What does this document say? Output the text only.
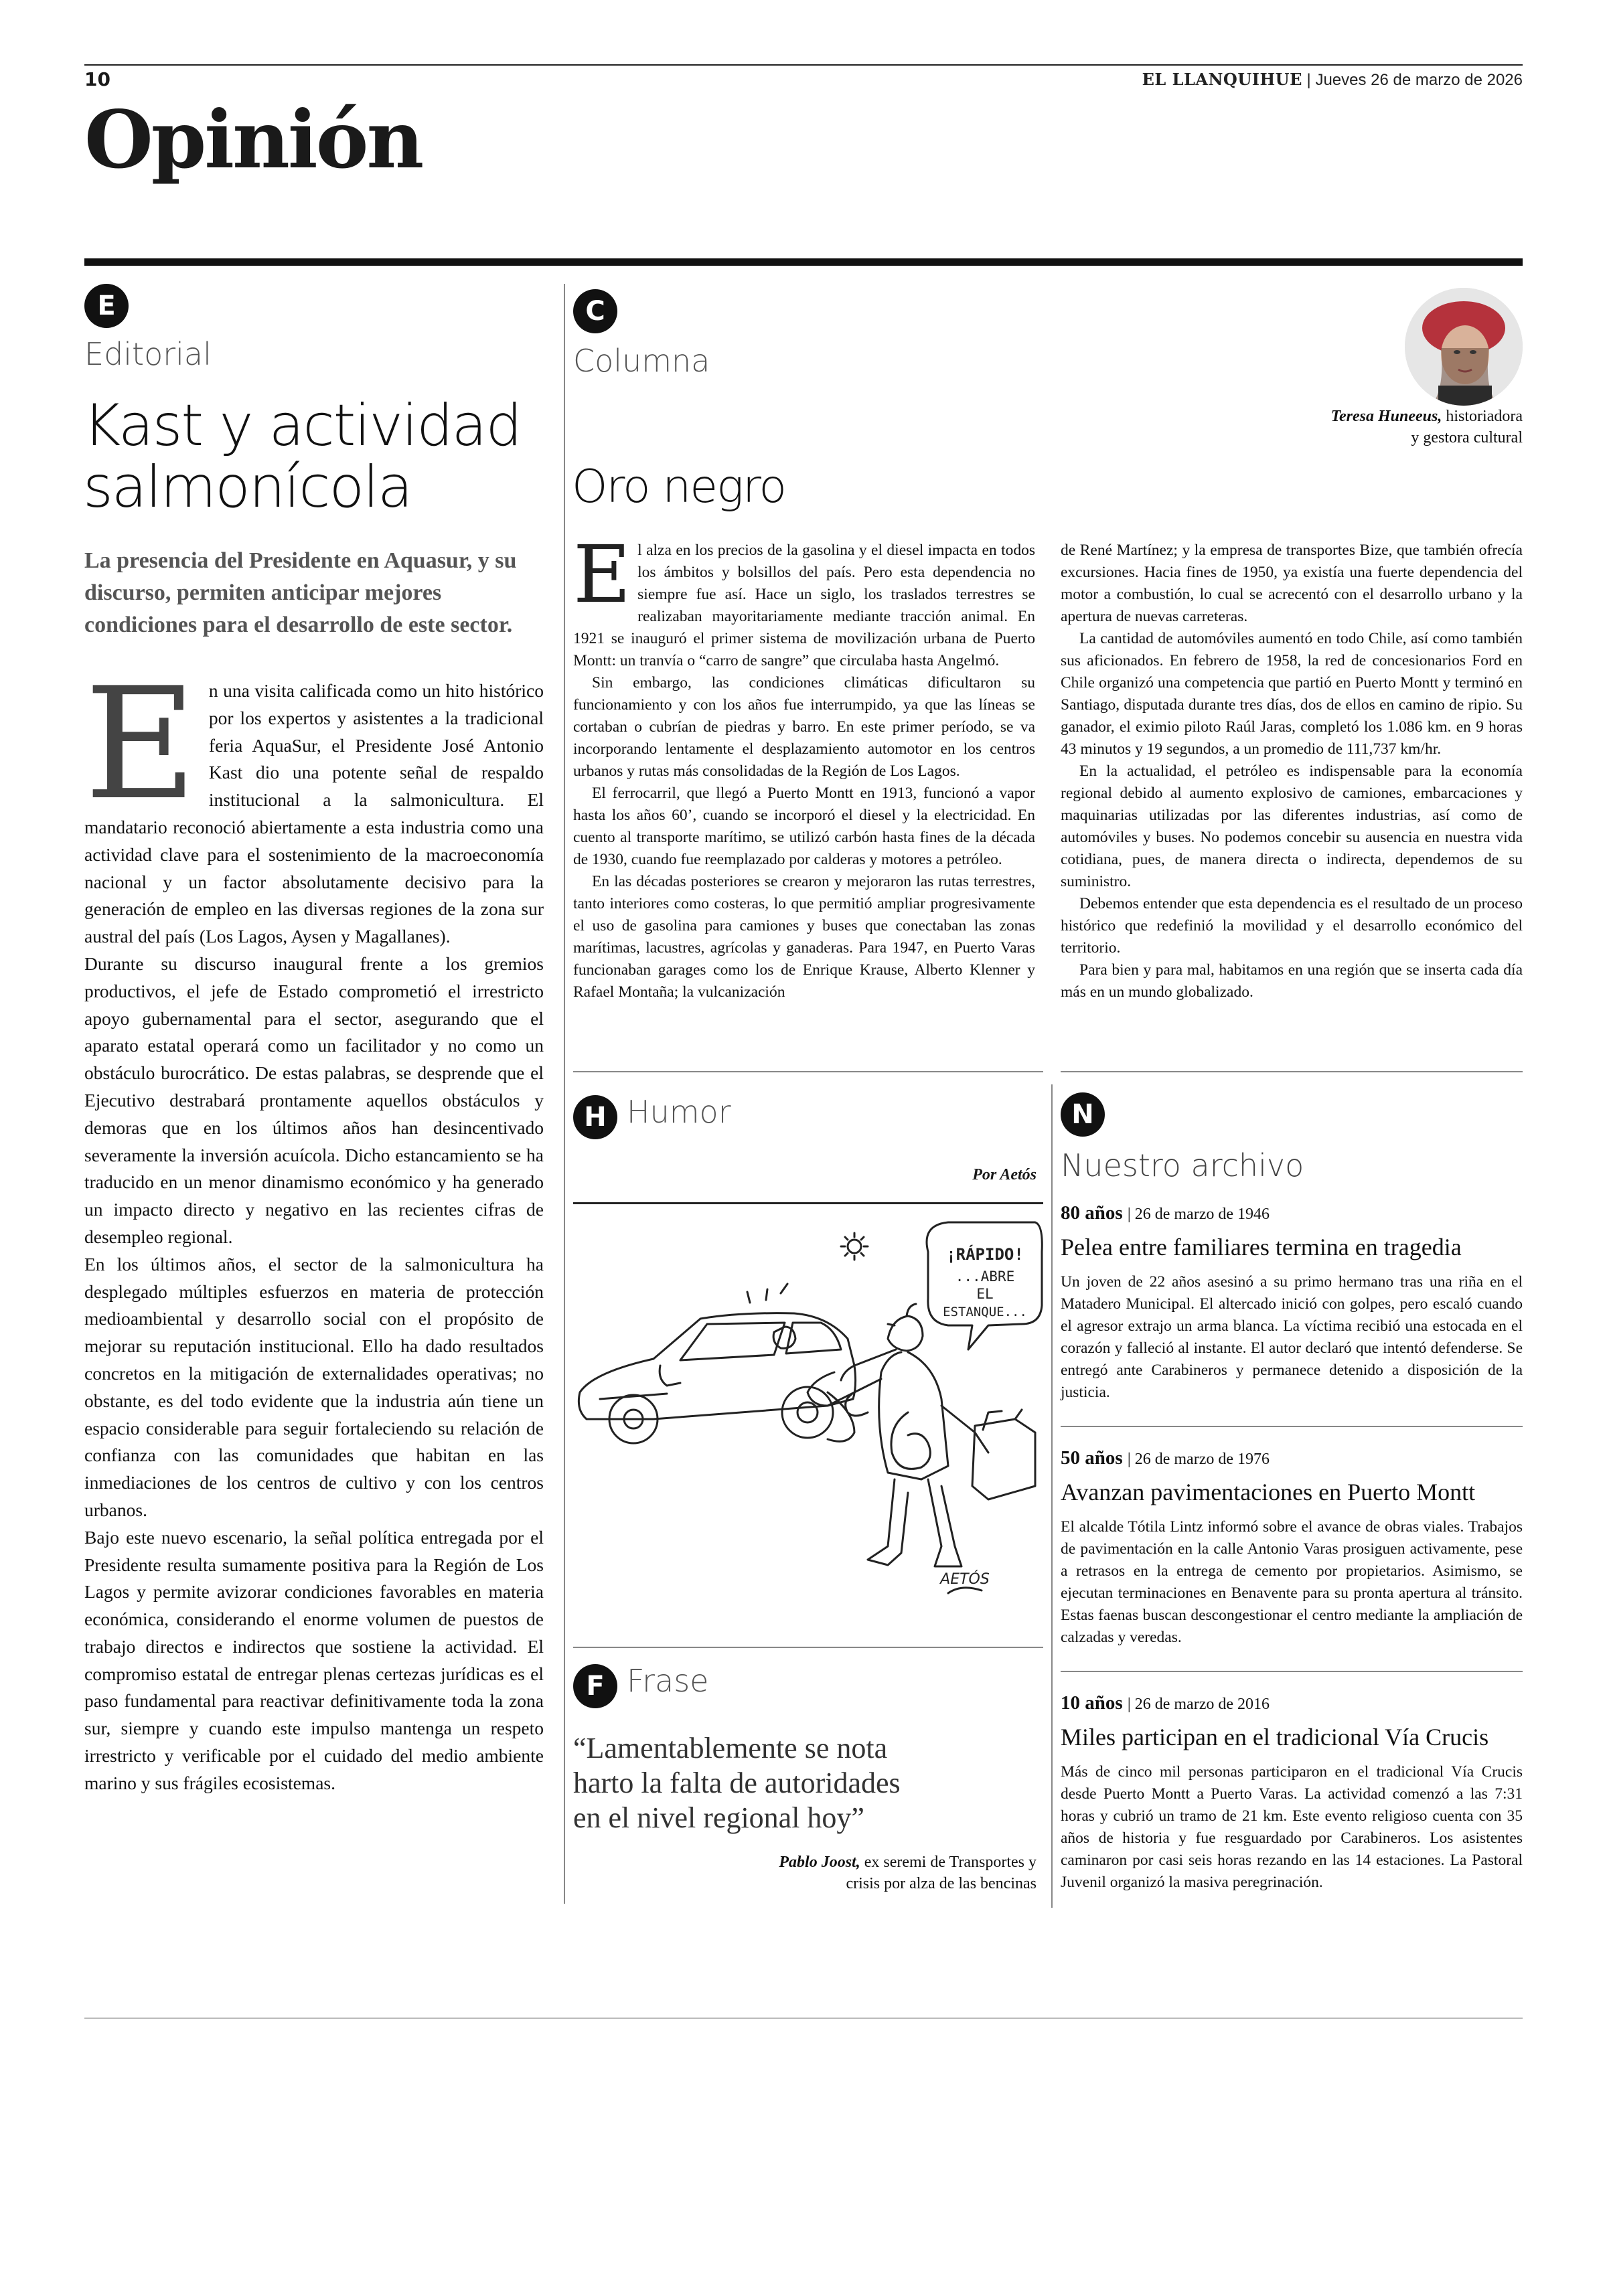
10	EL LLANQUIHUE | Jueves 26 de marzo de 2026
Opinión
E
Editorial
Kast y actividad
salmonícola
La presencia del Presidente en Aquasur, y su discurso, permiten anticipar mejores condiciones para el desarrollo de este sector.

En una visita calificada como un hito histórico por los expertos y asistentes a la tradicional feria AquaSur, el Presidente José Antonio Kast dio una potente señal de respaldo institucional a la salmonicultura. El mandatario reconoció abiertamente a esta industria como una actividad clave para el sostenimiento de la macroeconomía nacional y un factor absolutamente decisivo para la generación de empleo en las diversas regiones de la zona sur austral del país (Los Lagos, Aysen y Magallanes).

Durante su discurso inaugural frente a los gremios productivos, el jefe de Estado comprometió el irrestricto apoyo gubernamental para el sector, asegurando que el aparato estatal operará como un facilitador y no como un obstáculo burocrático. De estas palabras, se desprende que el Ejecutivo destrabará prontamente aquellos obstáculos y demoras que en los últimos años han desincentivado severamente la inversión acuícola. Dicho estancamiento se ha traducido en un menor dinamismo económico y ha generado un impacto directo y negativo en las recientes cifras de desempleo regional.

En los últimos años, el sector de la salmonicultura ha desplegado múltiples esfuerzos en materia de protección medioambiental y desarrollo social con el propósito de mejorar su reputación institucional. Ello ha dado resultados concretos en la mitigación de externalidades operativas; no obstante, es del todo evidente que la industria aún tiene un espacio considerable para seguir fortaleciendo su relación de confianza con las comunidades que habitan en las inmediaciones de los centros de cultivo y con los centros urbanos.

Bajo este nuevo escenario, la señal política entregada por el Presidente resulta sumamente positiva para la Región de Los Lagos y permite avizorar condiciones favorables en materia económica, considerando el enorme volumen de puestos de trabajo directos e indirectos que sostiene la actividad. El compromiso estatal de entregar plenas certezas jurídicas es el paso fundamental para reactivar definitivamente toda la zona sur, siempre y cuando este impulso mantenga un respeto irrestricto y verificable por el cuidado del medio ambiente marino y sus frágiles ecosistemas.

C
Columna
Oro negro
Teresa Huneeus, historiadora
y gestora cultural

El alza en los precios de la gasolina y el diesel impacta en todos los ámbitos y bolsillos del país. Pero esta dependencia no siempre fue así. Hace un siglo, los traslados terrestres se realizaban mayoritariamente mediante tracción animal. En 1921 se inauguró el primer sistema de movilización urbana de Puerto Montt: un tranvía o “carro de sangre” que circulaba hasta Angelmó.

Sin embargo, las condiciones climáticas dificultaron su funcionamiento y con los años fue interrumpido, ya que las líneas se cortaban o cubrían de piedras y barro. En este primer período, se va incorporando lentamente el desplazamiento automotor en los centros urbanos y rutas más consolidadas de la Región de Los Lagos.

El ferrocarril, que llegó a Puerto Montt en 1913, funcionó a vapor hasta los años 60’, cuando se incorporó el diesel y la electricidad. En cuento al transporte marítimo, se utilizó carbón hasta fines de la década de 1930, cuando fue reemplazado por calderas y motores a petróleo.

En las décadas posteriores se crearon y mejoraron las rutas terrestres, tanto interiores como costeras, lo que permitió ampliar progresivamente el uso de gasolina para camiones y buses que conectaban las zonas marítimas, lacustres, agrícolas y ganaderas. Para 1947, en Puerto Varas funcionaban garages como los de Enrique Krause, Alberto Klenner y Rafael Montaña; la vulcanización

de René Martínez; y la empresa de transportes Bize, que también ofrecía excursiones. Hacia fines de 1950, ya existía una fuerte dependencia del motor a combustión, lo cual se acrecentó con el desarrollo urbano y la apertura de nuevas carreteras.

La cantidad de automóviles aumentó en todo Chile, así como también sus aficionados. En febrero de 1958, la red de concesionarios Ford en Chile organizó una competencia que partió en Puerto Montt y terminó en Santiago, disputada durante tres días, dos de ellos en camino de ripio. Su ganador, el eximio piloto Raúl Jaras, completó los 1.086 km. en 9 horas 43 minutos y 19 segundos, a un promedio de 111,737 km/hr.

En la actualidad, el petróleo es indispensable para la economía regional debido al aumento explosivo de camiones, embarcaciones y maquinarias utilizadas por las diferentes industrias, así como de automóviles y buses. No podemos concebir su ausencia en nuestra vida cotidiana, pues, de manera directa o indirecta, dependemos de su suministro.

Debemos entender que esta dependencia es el resultado de un proceso histórico que redefinió la movilidad y el desarrollo económico del territorio.

Para bien y para mal, habitamos en una región que se inserta cada día más en un mundo globalizado.

H Humor
Por Aetós
¡RÁPIDO!
...ABRE
EL
ESTANQUE...
AETÓS
F Frase
“Lamentablemente se nota
harto la falta de autoridades
en el nivel regional hoy”
Pablo Joost, ex seremi de Transportes y
crisis por alza de las bencinas
N
Nuestro archivo
80 años | 26 de marzo de 1946
Pelea entre familiares termina en tragedia
Un joven de 22 años asesinó a su primo hermano tras una riña en el Matadero Municipal. El altercado inició con golpes, pero escaló cuando el agresor extrajo un arma blanca. La víctima recibió una estocada en el corazón y falleció al instante. El autor declaró que intentó defenderse. Se entregó ante Carabineros y permanece detenido a disposición de la justicia.
50 años | 26 de marzo de 1976
Avanzan pavimentaciones en Puerto Montt
El alcalde Tótila Lintz informó sobre el avance de obras viales. Trabajos de pavimentación en la calle Antonio Varas prosiguen activamente, pese a retrasos en la entrega de cemento por propietarios. Asimismo, se ejecutan terminaciones en Benavente para su pronta apertura al tránsito. Estas faenas buscan descongestionar el centro mediante la ampliación de calzadas y veredas.
10 años | 26 de marzo de 2016
Miles participan en el tradicional Vía Crucis
Más de cinco mil personas participaron en el tradicional Vía Crucis desde Puerto Montt a Puerto Varas. La actividad comenzó a las 7:31 horas y cubrió un tramo de 21 km. Este evento religioso cuenta con 35 años de historia y fue resguardado por Carabineros. Los asistentes caminaron por casi seis horas rezando en las 14 estaciones. La Pastoral Juvenil organizó la masiva peregrinación.
